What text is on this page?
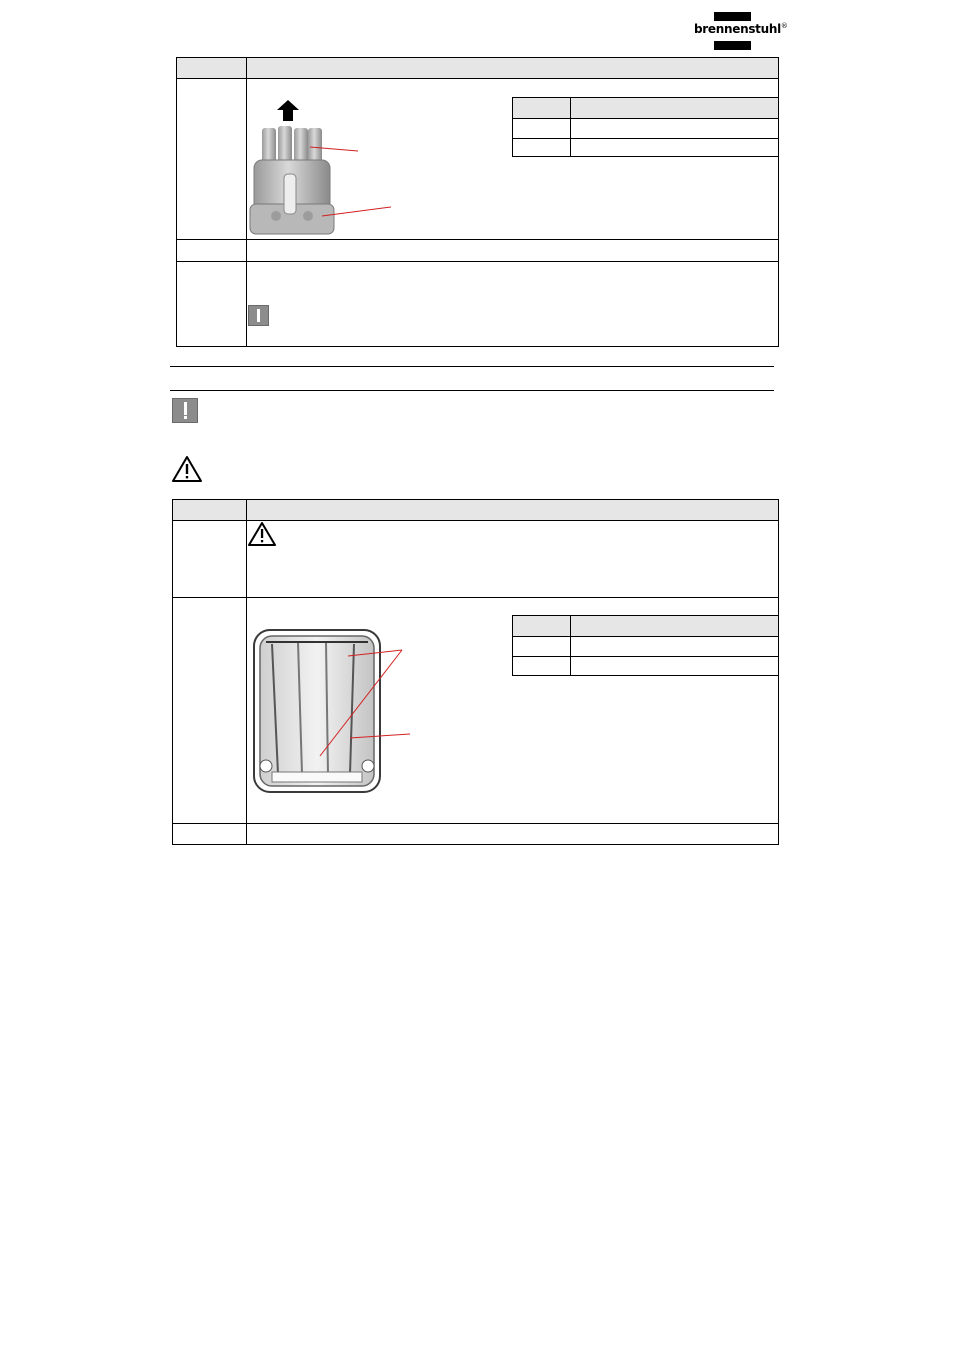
brennenstuhl®
